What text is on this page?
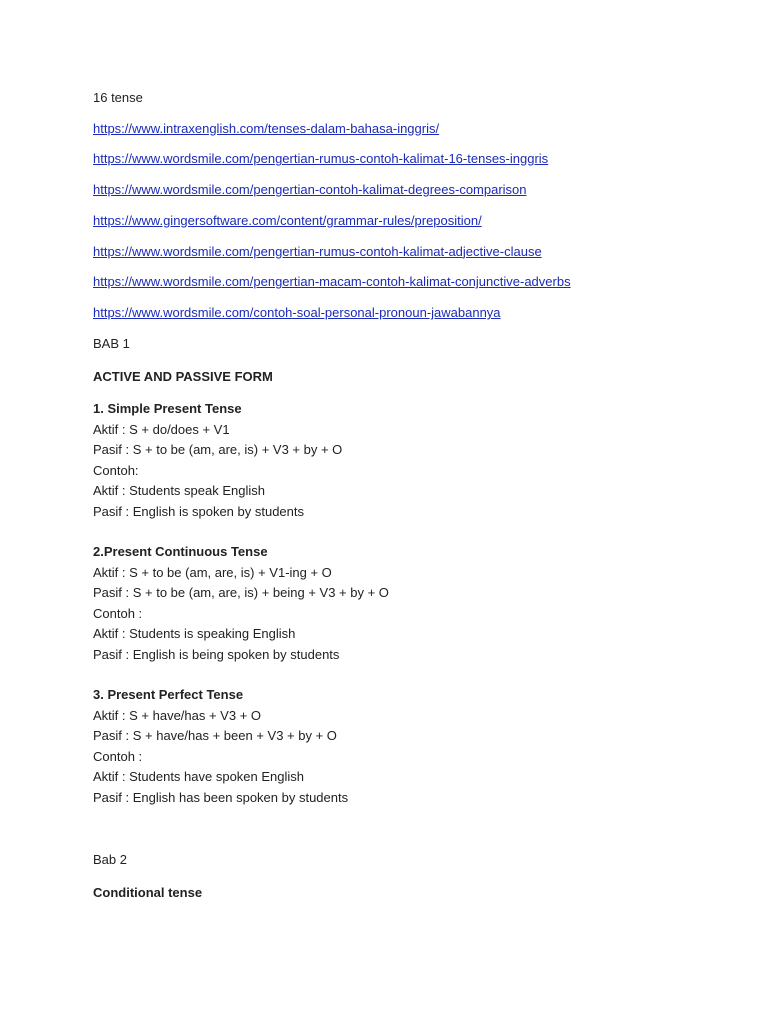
16 tense
https://www.intraxenglish.com/tenses-dalam-bahasa-inggris/
https://www.wordsmile.com/pengertian-rumus-contoh-kalimat-16-tenses-inggris
https://www.wordsmile.com/pengertian-contoh-kalimat-degrees-comparison
https://www.gingersoftware.com/content/grammar-rules/preposition/
https://www.wordsmile.com/pengertian-rumus-contoh-kalimat-adjective-clause
https://www.wordsmile.com/pengertian-macam-contoh-kalimat-conjunctive-adverbs
https://www.wordsmile.com/contoh-soal-personal-pronoun-jawabannya
BAB 1
ACTIVE AND PASSIVE FORM
1. Simple Present Tense
Aktif : S + do/does + V1
Pasif : S + to be (am, are, is) + V3 + by + O
Contoh:
Aktif : Students speak English
Pasif : English is spoken by students
2.Present Continuous Tense
Aktif : S + to be (am, are, is) + V1-ing + O
Pasif : S + to be (am, are, is) + being + V3 + by + O
Contoh :
Aktif : Students is speaking English
Pasif : English is being spoken by students
3. Present Perfect Tense
Aktif : S + have/has + V3 + O
Pasif : S + have/has + been + V3 + by + O
Contoh :
Aktif : Students have spoken English
Pasif : English has been spoken by students
Bab 2
Conditional tense
